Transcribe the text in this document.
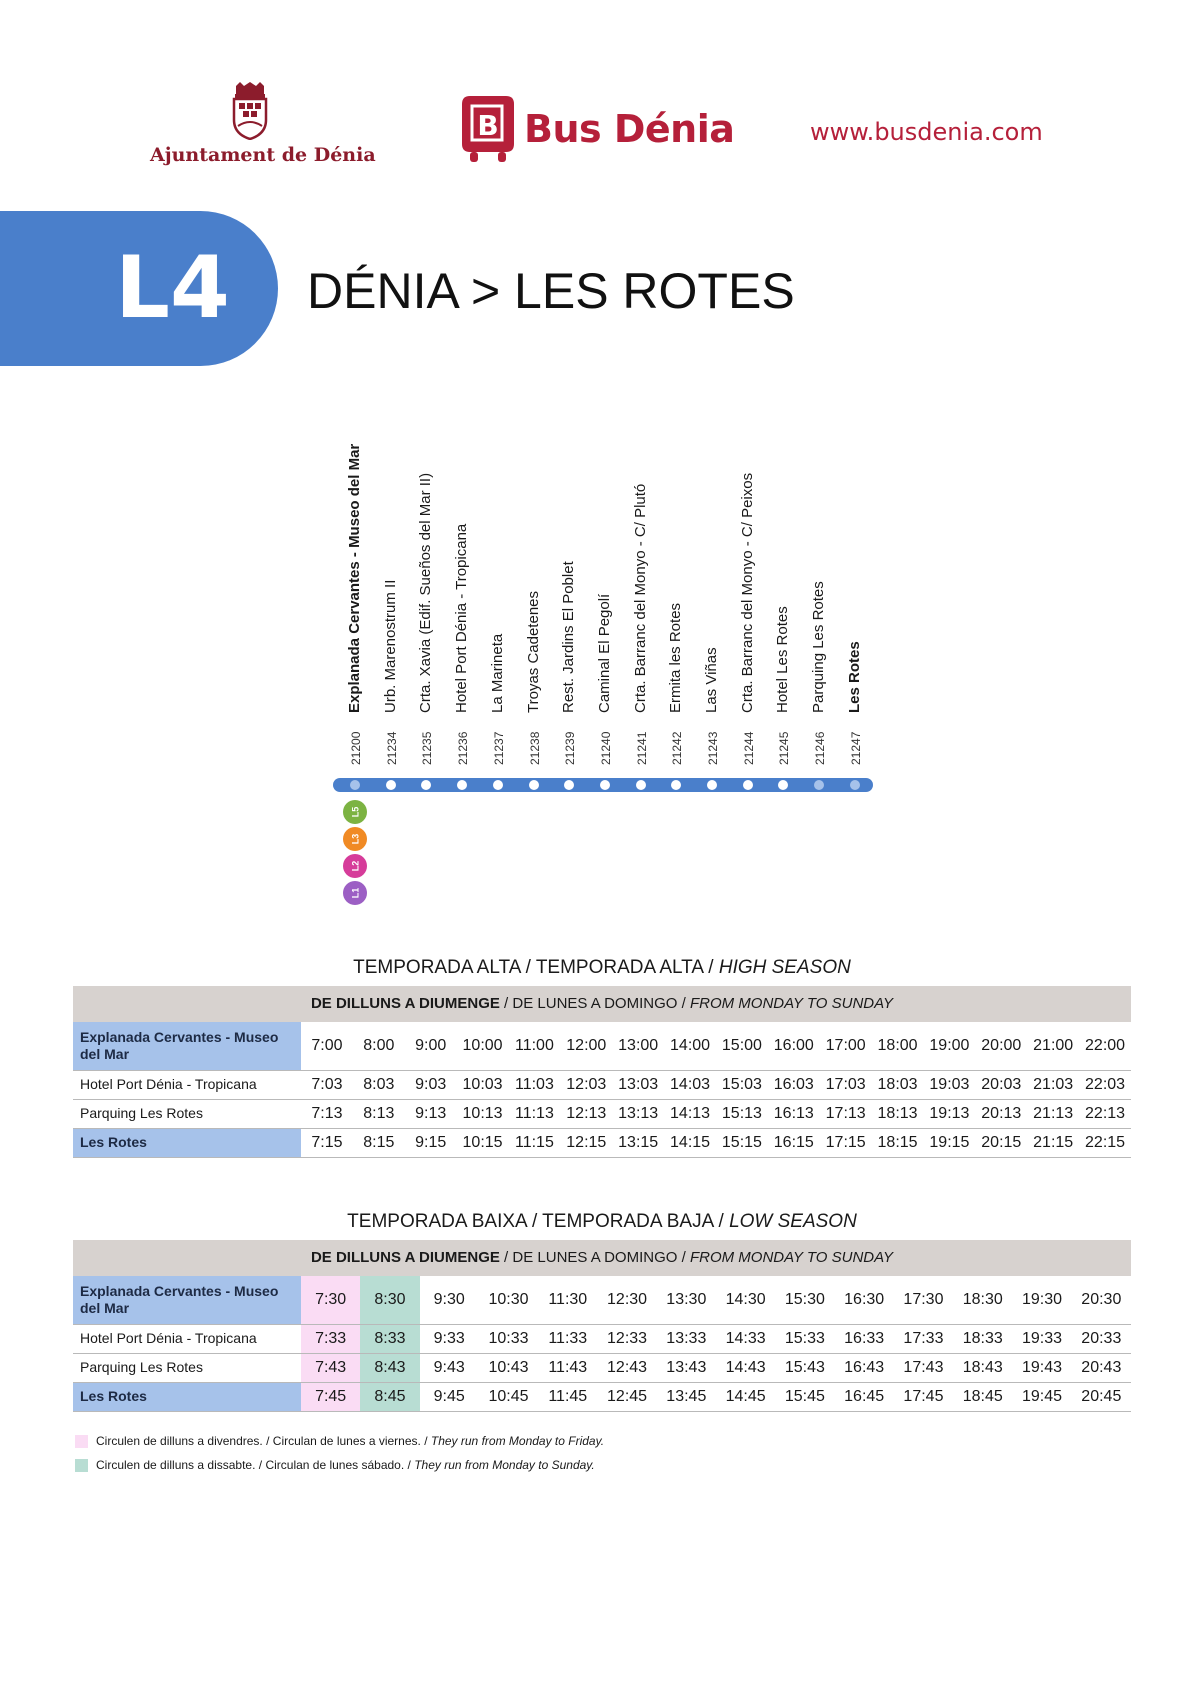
Ajuntament de Dénia
B Bus Dénia	www.busdenia.com
L4	DÉNIA > LES ROTES
21200
Explanada Cervantes - Museo del Mar
21234
Urb. Marenostrum II
21235
Crta. Xavia (Edif. Sueños del Mar II)
21236
Hotel Port Dénia - Tropicana
21237
La Marineta
21238
Troyas Cadetenes
21239
Rest. Jardins El Poblet
21240
Caminal El Pegolí
21241
Crta. Barranc del Monyo - C/ Plutó
21242
Ermita les Rotes
21243
Las Viñas
21244
Crta. Barranc del Monyo - C/ Peixos
21245
Hotel Les Rotes
21246
Parquing Les Rotes
21247
Les Rotes
L5
L3
L2
L1
TEMPORADA ALTA / TEMPORADA ALTA / HIGH SEASON
DE DILLUNS A DIUMENGE / DE LUNES A DOMINGO / FROM MONDAY TO SUNDAY
Explanada Cervantes - Museo del Mar	7:00	8:00	9:00	10:00	11:00	12:00	13:00	14:00	15:00	16:00	17:00	18:00	19:00	20:00	21:00	22:00
Hotel Port Dénia - Tropicana	7:03	8:03	9:03	10:03	11:03	12:03	13:03	14:03	15:03	16:03	17:03	18:03	19:03	20:03	21:03	22:03
Parquing Les Rotes	7:13	8:13	9:13	10:13	11:13	12:13	13:13	14:13	15:13	16:13	17:13	18:13	19:13	20:13	21:13	22:13
Les Rotes	7:15	8:15	9:15	10:15	11:15	12:15	13:15	14:15	15:15	16:15	17:15	18:15	19:15	20:15	21:15	22:15
TEMPORADA BAIXA / TEMPORADA BAJA / LOW SEASON
DE DILLUNS A DIUMENGE / DE LUNES A DOMINGO / FROM MONDAY TO SUNDAY
Explanada Cervantes - Museo del Mar	7:30	8:30	9:30	10:30	11:30	12:30	13:30	14:30	15:30	16:30	17:30	18:30	19:30	20:30
Hotel Port Dénia - Tropicana	7:33	8:33	9:33	10:33	11:33	12:33	13:33	14:33	15:33	16:33	17:33	18:33	19:33	20:33
Parquing Les Rotes	7:43	8:43	9:43	10:43	11:43	12:43	13:43	14:43	15:43	16:43	17:43	18:43	19:43	20:43
Les Rotes	7:45	8:45	9:45	10:45	11:45	12:45	13:45	14:45	15:45	16:45	17:45	18:45	19:45	20:45
Circulen de dilluns a divendres. / Circulan de lunes a viernes. / They run from Monday to Friday.
Circulen de dilluns a dissabte. / Circulan de lunes sábado. / They run from Monday to Sunday.
